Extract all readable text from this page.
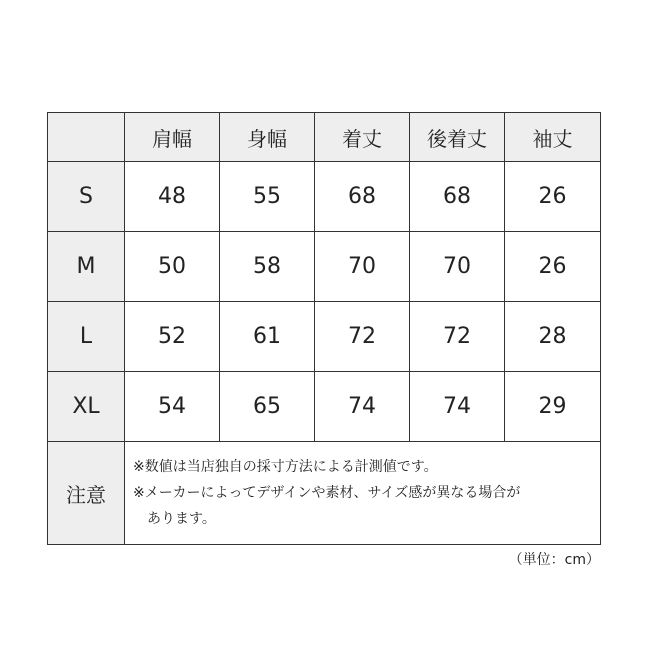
	肩幅	身幅	着丈	後着丈	袖丈
S	48	55	68	68	26
M	50	58	70	70	26
L	52	61	72	72	28
XL	54	65	74	74	29
注意	※数値は当店独自の採寸方法による計測値です。
※メーカーによってデザインや素材、サイズ感が異なる場合が
あります。				
（単位：cm）
